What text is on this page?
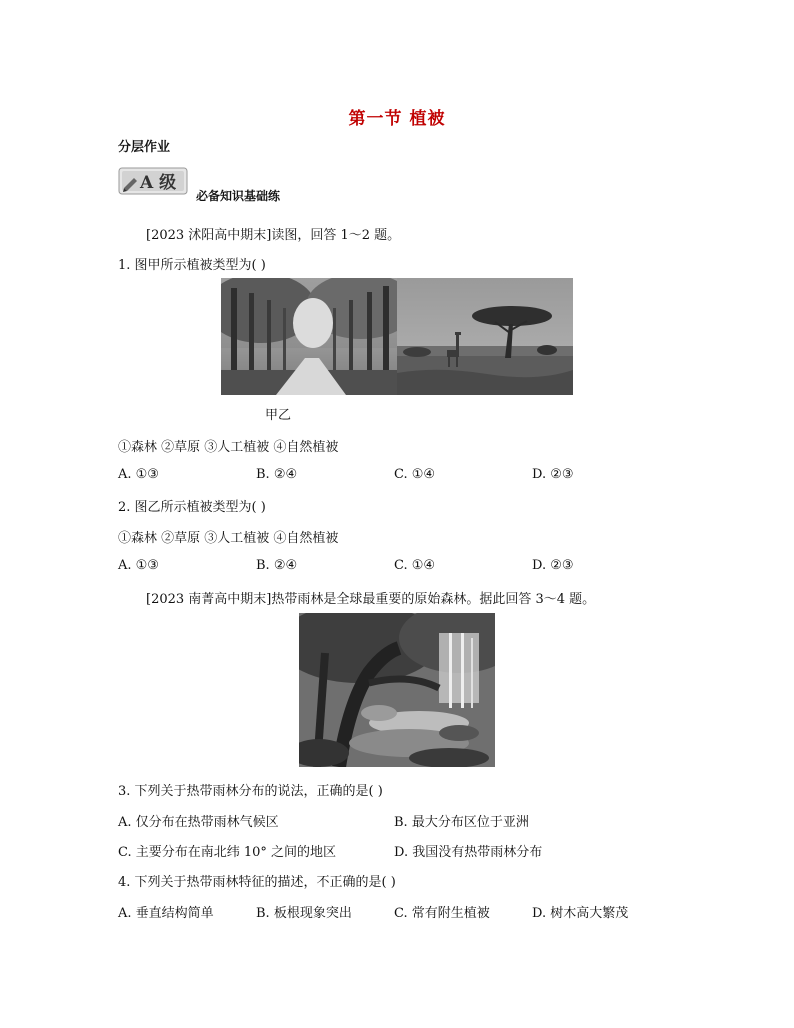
第一节 植被
分层作业
A 级
必备知识基础练
[2023 沭阳高中期末]读图，回答 1～2 题。
1. 图甲所示植被类型为( )
甲乙
①森林 ②草原 ③人工植被 ④自然植被
A. ①③	B. ②④	C. ①④	D. ②③
2. 图乙所示植被类型为( )
①森林 ②草原 ③人工植被 ④自然植被
A. ①③	B. ②④	C. ①④	D. ②③
[2023 南菁高中期末]热带雨林是全球最重要的原始森林。据此回答 3～4 题。
3. 下列关于热带雨林分布的说法，正确的是( )
A. 仅分布在热带雨林气候区	B. 最大分布区位于亚洲
C. 主要分布在南北纬 10° 之间的地区	D. 我国没有热带雨林分布
4. 下列关于热带雨林特征的描述，不正确的是( )
A. 垂直结构简单	B. 板根现象突出	C. 常有附生植被	D. 树木高大繁茂
